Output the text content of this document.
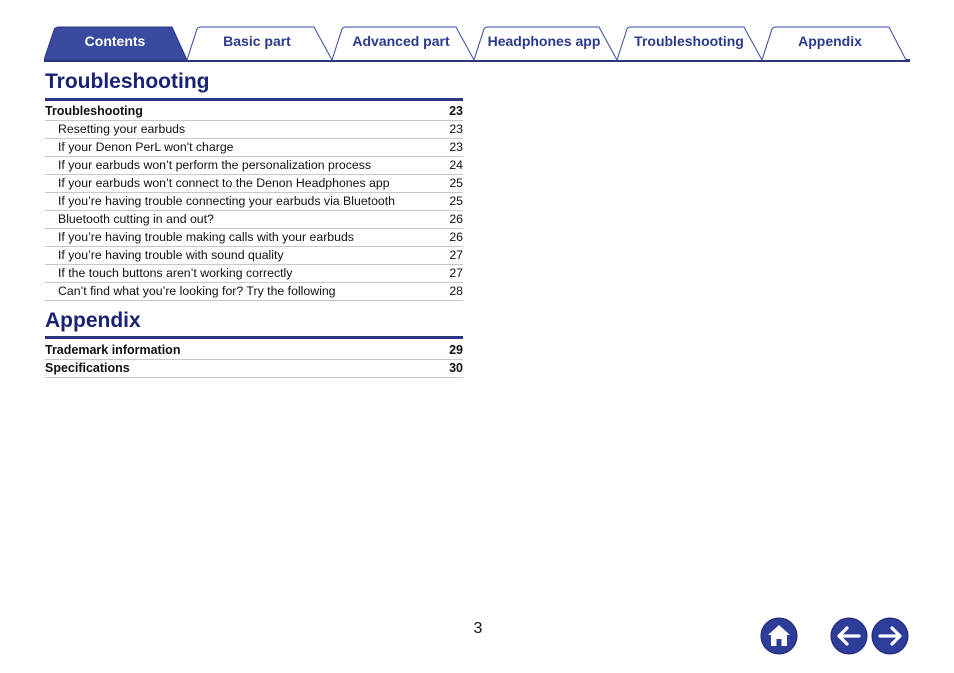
Contents	Basic part	Advanced part	Headphones app	Troubleshooting	Appendix
Troubleshooting
Troubleshooting	23
Resetting your earbuds	23
If your Denon PerL won't charge	23
If your earbuds won’t perform the personalization process	24
If your earbuds won’t connect to the Denon Headphones app	25
If you’re having trouble connecting your earbuds via Bluetooth	25
Bluetooth cutting in and out?	26
If you’re having trouble making calls with your earbuds	26
If you’re having trouble with sound quality	27
If the touch buttons aren’t working correctly	27
Can’t find what you’re looking for? Try the following	28
Appendix
Trademark information	29
Specifications	30
3
